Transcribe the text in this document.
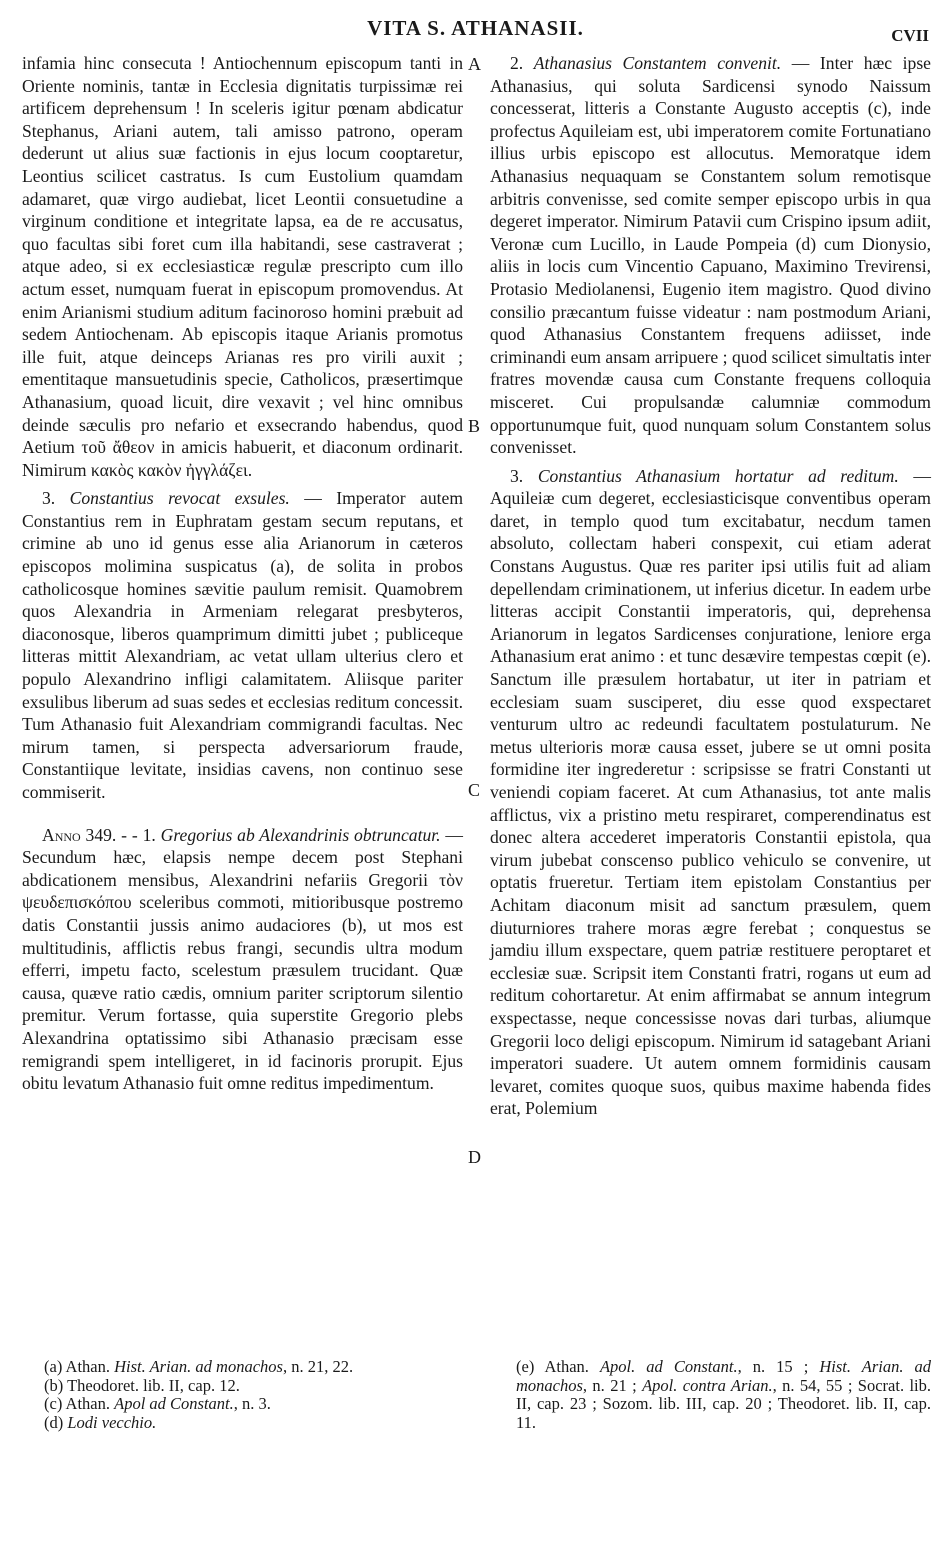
VITA S. ATHANASII.	CVII

infamia hinc consecuta ! Antiochennum episcopum tanti in Oriente nominis, tantæ in Ecclesia dignitatis turpissimæ rei artificem deprehensum ! In sceleris igitur pœnam abdicatur Stephanus, Ariani autem, tali amisso patrono, operam dederunt ut alius suæ factionis in ejus locum cooptaretur, Leontius scilicet castratus. Is cum Eustolium quamdam adamaret, quæ virgo audiebat, licet Leontii consuetudine a virginum conditione et integritate lapsa, ea de re accusatus, quo facultas sibi foret cum illa habitandi, sese castraverat ; atque adeo, si ex ecclesiasticæ regulæ prescripto cum illo actum esset, numquam fuerat in episcopum promovendus. At enim Arianismi studium aditum facinoroso homini præbuit ad sedem Antiochenam. Ab episcopis itaque Arianis promotus ille fuit, atque deinceps Arianas res pro virili auxit ; ementitaque mansuetudinis specie, Catholicos, præsertimque Athanasium, quoad licuit, dire vexavit ; vel hinc omnibus deinde sæculis pro nefario et exsecrando habendus, quod Aetium τοῦ ἄθεον in amicis habuerit, et diaconum ordinarit. Nimirum κακὸς κακὸν ἠγγλάζει.

3. Constantius revocat exsules. — Imperator autem Constantius rem in Euphratam gestam secum reputans, et crimine ab uno id genus esse alia Arianorum in cæteros episcopos molimina suspicatus (a), de solita in probos catholicosque homines sævitie paulum remisit. Quamobrem quos Alexandria in Armeniam relegarat presbyteros, diaconosque, liberos quamprimum dimitti jubet ; publiceque litteras mittit Alexandriam, ac vetat ullam ulterius clero et populo Alexandrino infligi calamitatem. Aliisque pariter exsulibus liberum ad suas sedes et ecclesias reditum concessit. Tum Athanasio fuit Alexandriam commigrandi facultas. Nec mirum tamen, si perspecta adversariorum fraude, Constantiique levitate, insidias cavens, non continuo sese commiserit.

Anno 349. - - 1. Gregorius ab Alexandrinis obtruncatur. — Secundum hæc, elapsis nempe decem post Stephani abdicationem mensibus, Alexandrini nefariis Gregorii τὸν ψευδεπισκόπου sceleribus commoti, mitioribusque postremo datis Constantii jussis animo audaciores (b), ut mos est multitudinis, afflictis rebus frangi, secundis ultra modum efferri, impetu facto, scelestum præsulem trucidant. Quæ causa, quæve ratio cædis, omnium pariter scriptorum silentio premitur. Verum fortasse, quia superstite Gregorio plebs Alexandrina optatissimo sibi Athanasio præcisam esse remigrandi spem intelligeret, in id facinoris prorupit. Ejus obitu levatum Athanasio fuit omne reditus impedimentum.

A
B
C
D

2. Athanasius Constantem convenit. — Inter hæc ipse Athanasius, qui soluta Sardicensi synodo Naissum concesserat, litteris a Constante Augusto acceptis (c), inde profectus Aquileiam est, ubi imperatorem comite Fortunatiano illius urbis episcopo est allocutus. Memoratque idem Athanasius nequaquam se Constantem solum remotisque arbitris convenisse, sed comite semper episcopo urbis in qua degeret imperator. Nimirum Patavii cum Crispino ipsum adiit, Veronæ cum Lucillo, in Laude Pompeia (d) cum Dionysio, aliis in locis cum Vincentio Capuano, Maximino Trevirensi, Protasio Mediolanensi, Eugenio item magistro. Quod divino consilio præcantum fuisse videatur : nam postmodum Ariani, quod Athanasius Constantem frequens adiisset, inde criminandi eum ansam arripuere ; quod scilicet simultatis inter fratres movendæ causa cum Constante frequens colloquia misceret. Cui propulsandæ calumniæ commodum opportunumque fuit, quod nunquam solum Constantem solus convenisset.

3. Constantius Athanasium hortatur ad reditum. — Aquileiæ cum degeret, ecclesiasticisque conventibus operam daret, in templo quod tum excitabatur, necdum tamen absoluto, collectam haberi conspexit, cui etiam aderat Constans Augustus. Quæ res pariter ipsi utilis fuit ad aliam depellendam criminationem, ut inferius dicetur. In eadem urbe litteras accipit Constantii imperatoris, qui, deprehensa Arianorum in legatos Sardicenses conjuratione, leniore erga Athanasium erat animo : et tunc desævire tempestas cœpit (e). Sanctum ille præsulem hortabatur, ut iter in patriam et ecclesiam suam susciperet, diu esse quod exspectaret venturum ultro ac redeundi facultatem postulaturum. Ne metus ulterioris moræ causa esset, jubere se ut omni posita formidine iter ingrederetur : scripsisse se fratri Constanti ut veniendi copiam faceret. At cum Athanasius, tot ante malis afflictus, vix a pristino metu respiraret, comperendinatus est donec altera accederet imperatoris Constantii epistola, qua virum jubebat conscenso publico vehiculo se convenire, ut optatis frueretur. Tertiam item epistolam Constantius per Achitam diaconum misit ad sanctum præsulem, quem diuturniores trahere moras ægre ferebat ; conquestus se jamdiu illum exspectare, quem patriæ restituere peroptaret et ecclesiæ suæ. Scripsit item Constanti fratri, rogans ut eum ad reditum cohortaretur. At enim affirmabat se annum integrum exspectasse, neque concessisse novas dari turbas, aliumque Gregorii loco deligi episcopum. Nimirum id satagebant Ariani imperatori suadere. Ut autem omnem formidinis causam levaret, comites quoque suos, quibus maxime habenda fides erat, Polemium

(a) Athan. Hist. Arian. ad monachos, n. 21, 22.

(b) Theodoret. lib. II, cap. 12.

(c) Athan. Apol ad Constant., n. 3.

(d) Lodi vecchio.

(e) Athan. Apol. ad Constant., n. 15 ; Hist. Arian. ad monachos, n. 21 ; Apol. contra Arian., n. 54, 55 ; Socrat. lib. II, cap. 23 ; Sozom. lib. III, cap. 20 ; Theodoret. lib. II, cap. 11.
